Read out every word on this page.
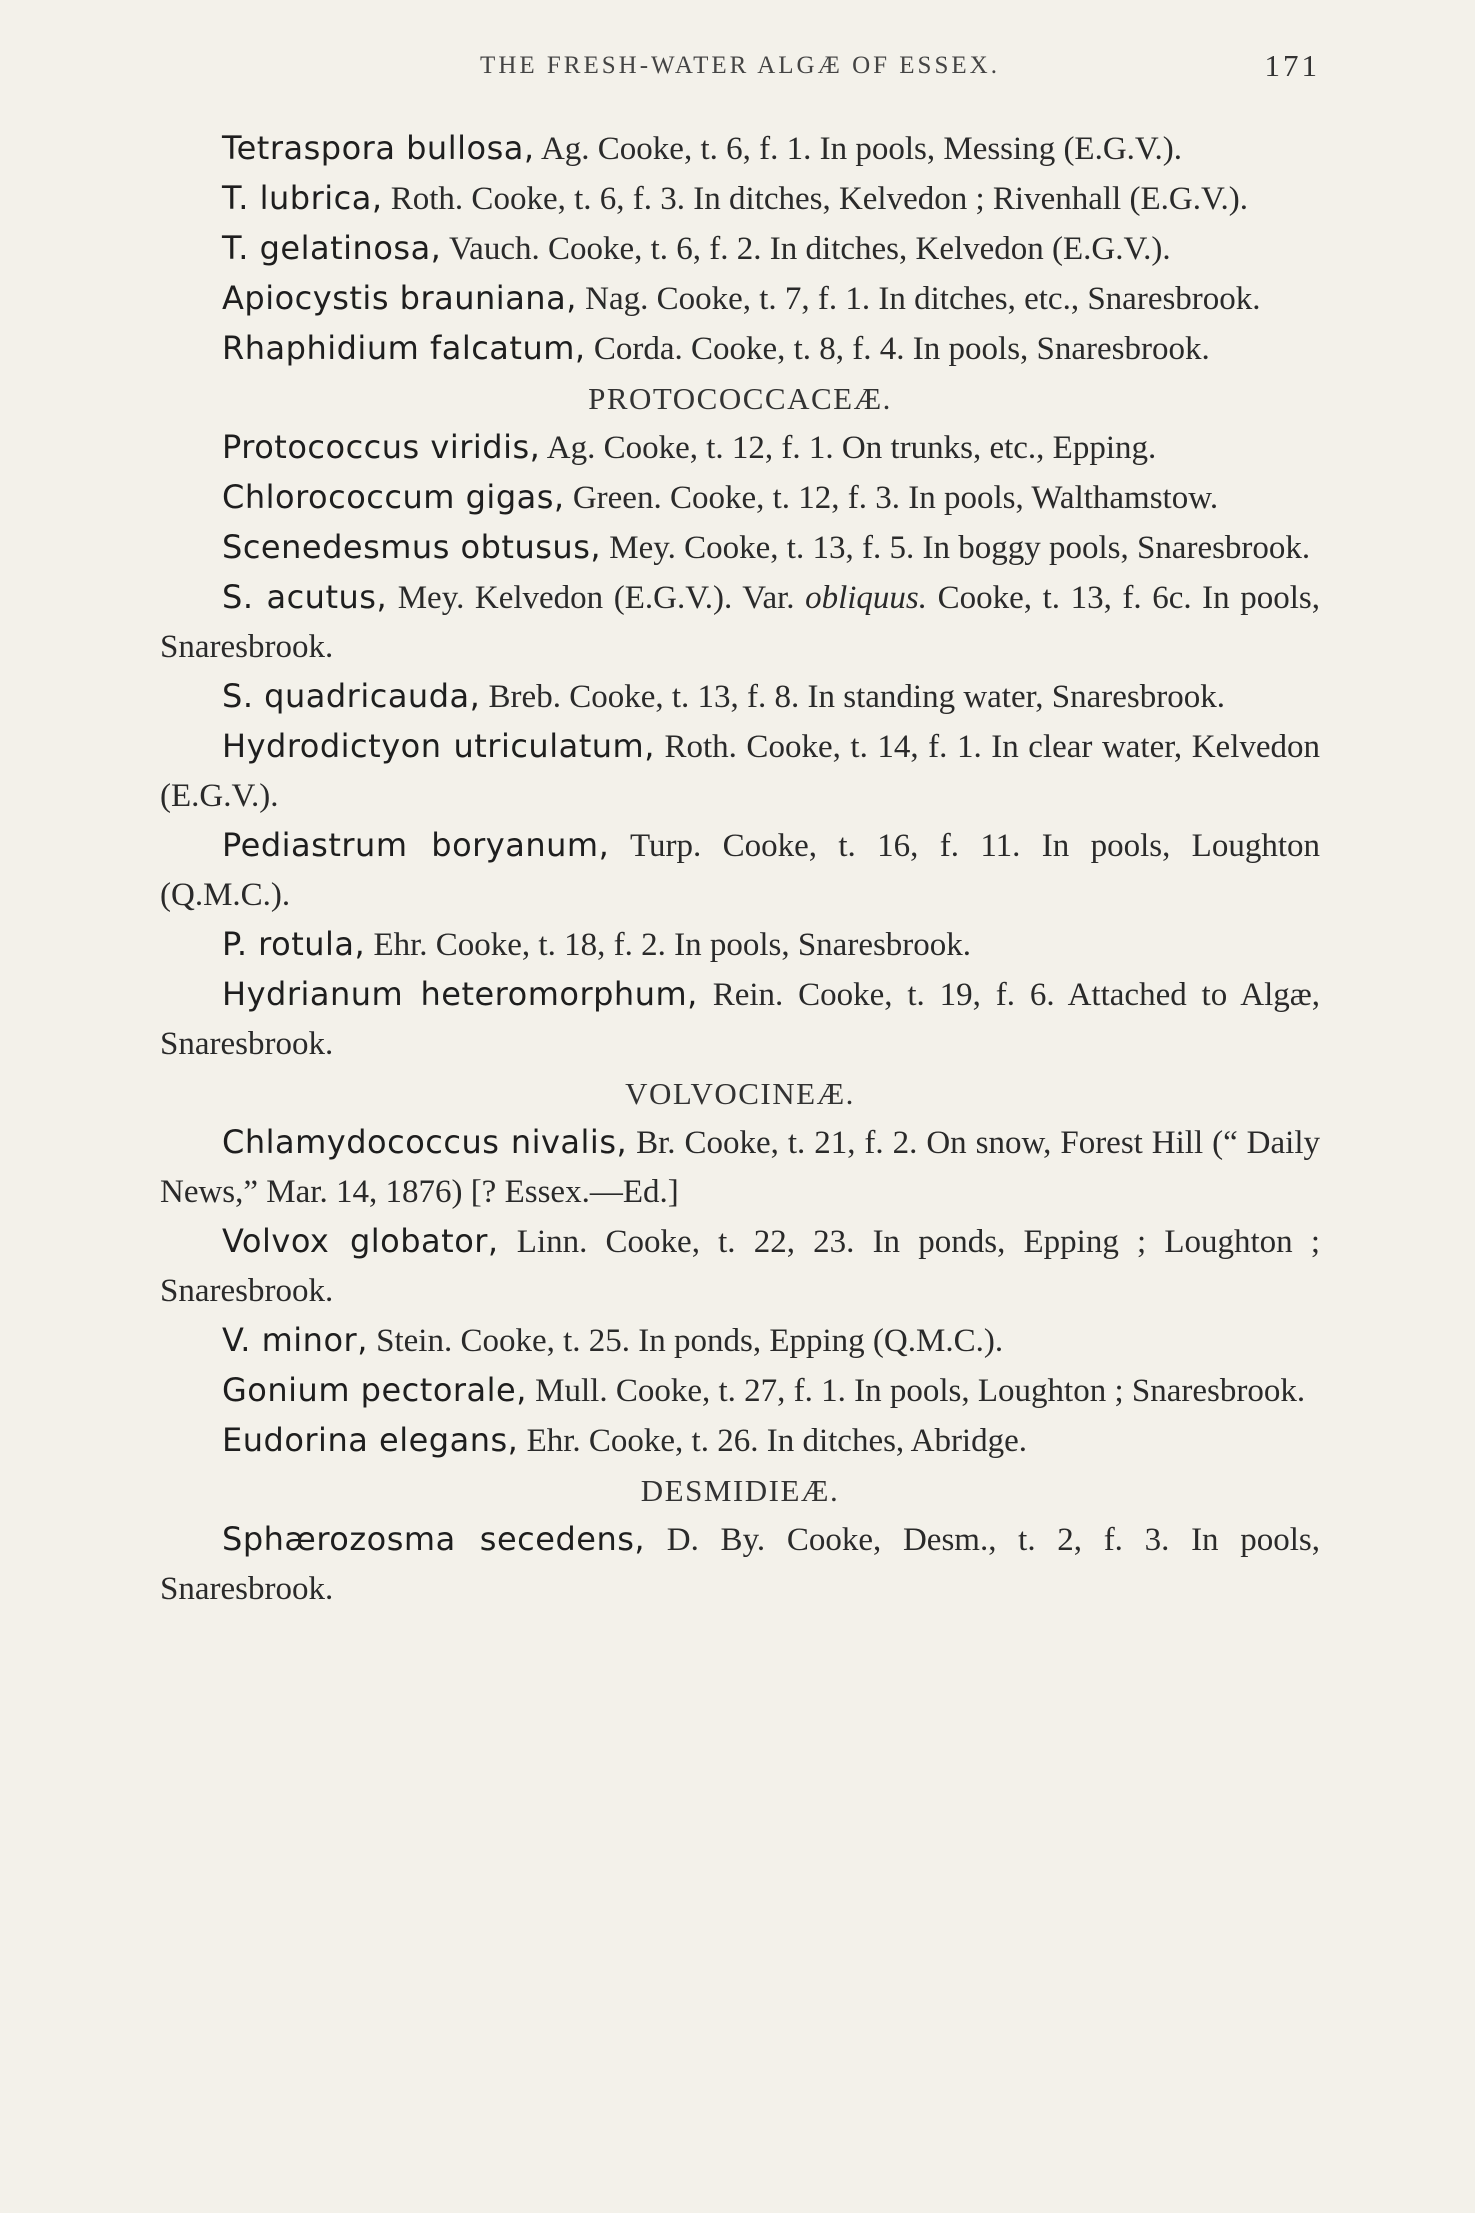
THE FRESH-WATER ALGÆ OF ESSEX.	171

Tetraspora bullosa, Ag. Cooke, t. 6, f. 1. In pools, Messing (E.G.V.).

T. lubrica, Roth. Cooke, t. 6, f. 3. In ditches, Kelvedon ; Rivenhall (E.G.V.).

T. gelatinosa, Vauch. Cooke, t. 6, f. 2. In ditches, Kelvedon (E.G.V.).

Apiocystis brauniana, Nag. Cooke, t. 7, f. 1. In ditches, etc., Snaresbrook.

Rhaphidium falcatum, Corda. Cooke, t. 8, f. 4. In pools, Snaresbrook.

PROTOCOCCACEÆ.

Protococcus viridis, Ag. Cooke, t. 12, f. 1. On trunks, etc., Epping.

Chlorococcum gigas, Green. Cooke, t. 12, f. 3. In pools, Walthamstow.

Scenedesmus obtusus, Mey. Cooke, t. 13, f. 5. In boggy pools, Snaresbrook.

S. acutus, Mey. Kelvedon (E.G.V.). Var. obliquus. Cooke, t. 13, f. 6c. In pools, Snaresbrook.

S. quadricauda, Breb. Cooke, t. 13, f. 8. In standing water, Snaresbrook.

Hydrodictyon utriculatum, Roth. Cooke, t. 14, f. 1. In clear water, Kelvedon (E.G.V.).

Pediastrum boryanum, Turp. Cooke, t. 16, f. 11. In pools, Loughton (Q.M.C.).

P. rotula, Ehr. Cooke, t. 18, f. 2. In pools, Snaresbrook.

Hydrianum heteromorphum, Rein. Cooke, t. 19, f. 6. Attached to Algæ, Snaresbrook.

VOLVOCINEÆ.

Chlamydococcus nivalis, Br. Cooke, t. 21, f. 2. On snow, Forest Hill (“ Daily News,” Mar. 14, 1876) [? Essex.—Ed.]

Volvox globator, Linn. Cooke, t. 22, 23. In ponds, Epping ; Loughton ; Snaresbrook.

V. minor, Stein. Cooke, t. 25. In ponds, Epping (Q.M.C.).

Gonium pectorale, Mull. Cooke, t. 27, f. 1. In pools, Loughton ; Snaresbrook.

Eudorina elegans, Ehr. Cooke, t. 26. In ditches, Abridge.

DESMIDIEÆ.

Sphærozosma secedens, D. By. Cooke, Desm., t. 2, f. 3. In pools, Snaresbrook.
